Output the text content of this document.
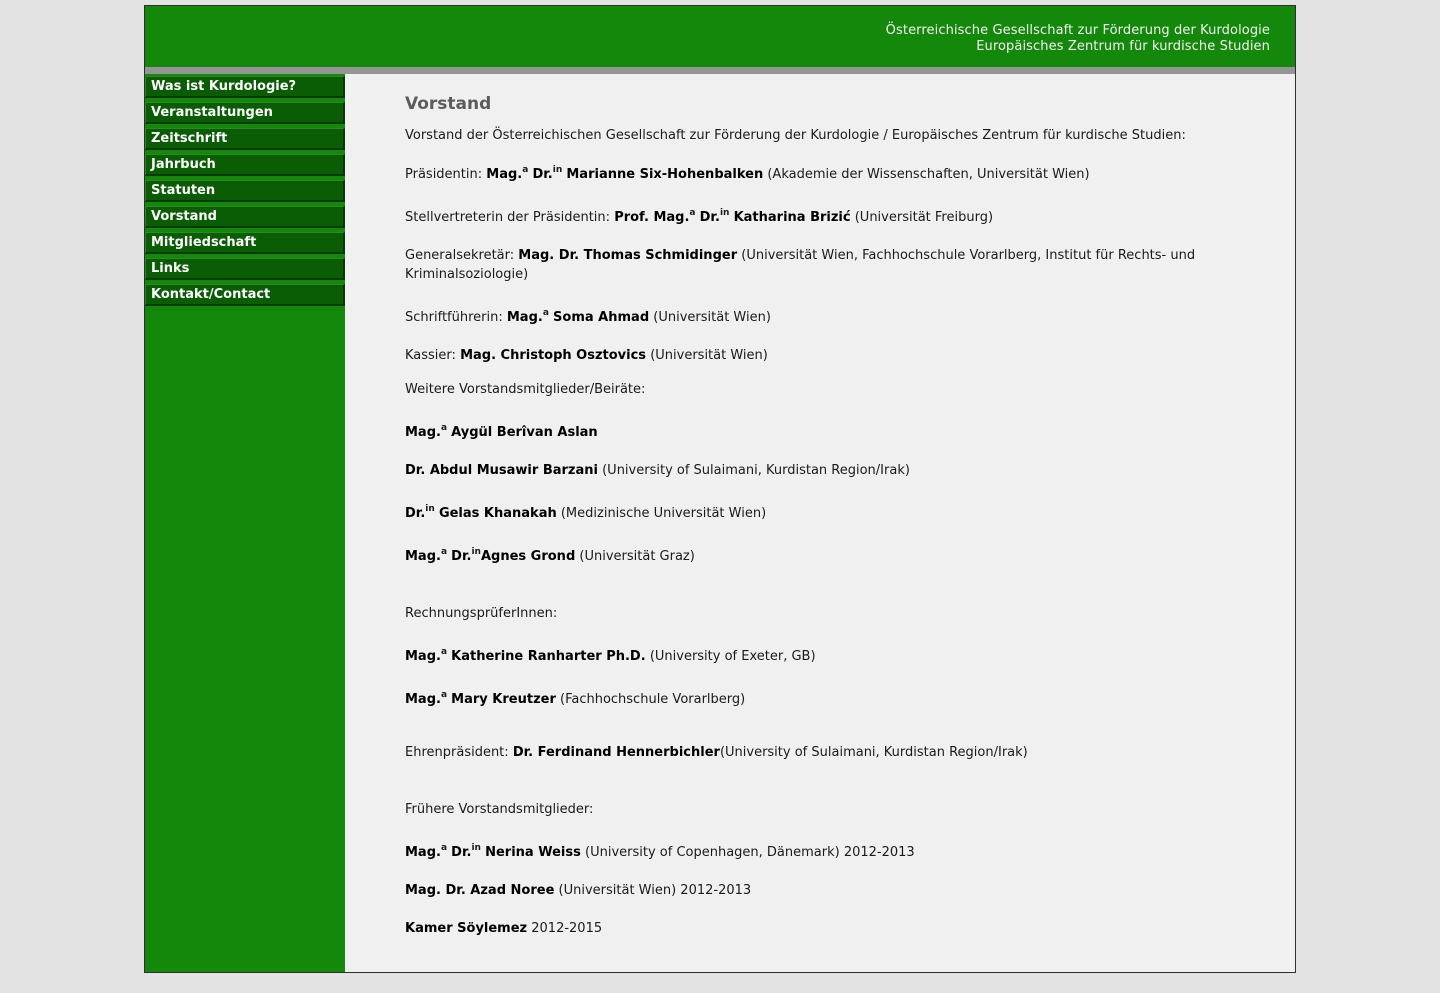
Österreichische Gesellschaft zur Förderung der Kurdologie
Europäisches Zentrum für kurdische Studien
Was ist Kurdologie?
Veranstaltungen
Zeitschrift
Jahrbuch
Statuten
Vorstand
Mitgliedschaft
Links
Kontakt/Contact
Vorstand

Vorstand der Österreichischen Gesellschaft zur Förderung der Kurdologie / Europäisches Zentrum für kurdische Studien:

Präsidentin: Mag.$^a$ Dr.$^{in}$ Marianne Six-Hohenbalken (Akademie der Wissenschaften, Universität Wien)

Stellvertreterin der Präsidentin: Prof. Mag.$^a$ Dr.$^{in}$ Katharina Brizić (Universität Freiburg)

Generalsekretär: Mag. Dr. Thomas Schmidinger (Universität Wien, Fachhochschule Vorarlberg, Institut für Rechts- und Kriminalsoziologie)

Schriftführerin: Mag.$^a$ Soma Ahmad (Universität Wien)

Kassier: Mag. Christoph Osztovics (Universität Wien)

Weitere Vorstandsmitglieder/Beiräte:

Mag.$^a$ Aygül Berîvan Aslan

Dr. Abdul Musawir Barzani (University of Sulaimani, Kurdistan Region/Irak)

Dr.$^{in}$ Gelas Khanakah (Medizinische Universität Wien)

Mag.$^a$ Dr.$^{in}$Agnes Grond (Universität Graz)

RechnungsprüferInnen:

Mag.$^a$ Katherine Ranharter Ph.D. (University of Exeter, GB)

Mag.$^a$ Mary Kreutzer (Fachhochschule Vorarlberg)

Ehrenpräsident: Dr. Ferdinand Hennerbichler(University of Sulaimani, Kurdistan Region/Irak)

Frühere Vorstandsmitglieder:

Mag.$^a$ Dr.$^{in}$ Nerina Weiss (University of Copenhagen, Dänemark) 2012-2013

Mag. Dr. Azad Noree (Universität Wien) 2012-2013

Kamer Söylemez 2012-2015
